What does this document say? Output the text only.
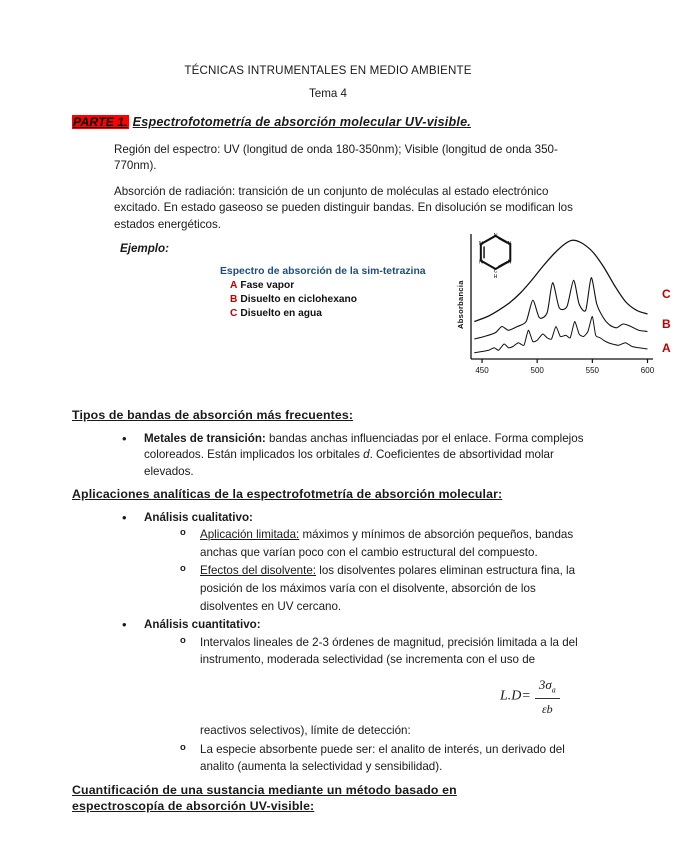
TÉCNICAS INTRUMENTALES EN MEDIO AMBIENTE
Tema 4
PARTE 1. Espectrofotometría de absorción molecular UV-visible.

Región del espectro: UV (longitud de onda 180-350nm); Visible (longitud de onda 350-770nm).

Absorción de radiación: transición de un conjunto de moléculas al estado electrónico excitado. En estado gaseoso se pueden distinguir bandas. En disolución se modifican los estados energéticos.

Ejemplo:
Espectro de absorción de la sim-tetrazina
A Fase vapor
B Disuelto en ciclohexano
C Disuelto en agua	Absorbancia
450	500	550	600
N
N	N
N	N
C
H
C
B
A
Tipos de bandas de absorción más frecuentes:
• Metales de transición: bandas anchas influenciadas por el enlace. Forma complejos coloreados. Están implicados los orbitales d. Coeficientes de absortividad molar elevados.
Aplicaciones analíticas de la espectrofotmetría de absorción molecular:
• Análisis cualitativo:
o Aplicación limitada: máximos y mínimos de absorción pequeños, bandas anchas que varían poco con el cambio estructural del compuesto.
o Efectos del disolvente: los disolventes polares eliminan estructura fina, la posición de los máximos varía con el disolvente, absorción de los disolventes en UV cercano.
• Análisis cuantitativo:
o Intervalos lineales de 2-3 órdenes de magnitud, precisión limitada a la del instrumento, moderada selectividad (se incrementa con el uso de
$L.D= \frac{3\sigma_a}{\varepsilon b}$
reactivos selectivos), límite de detección:
o La especie absorbente puede ser: el analito de interés, un derivado del analito (aumenta la selectividad y sensibilidad).
Cuantificación de una sustancia mediante un método basado en
espectroscopía de absorción UV-visible:
